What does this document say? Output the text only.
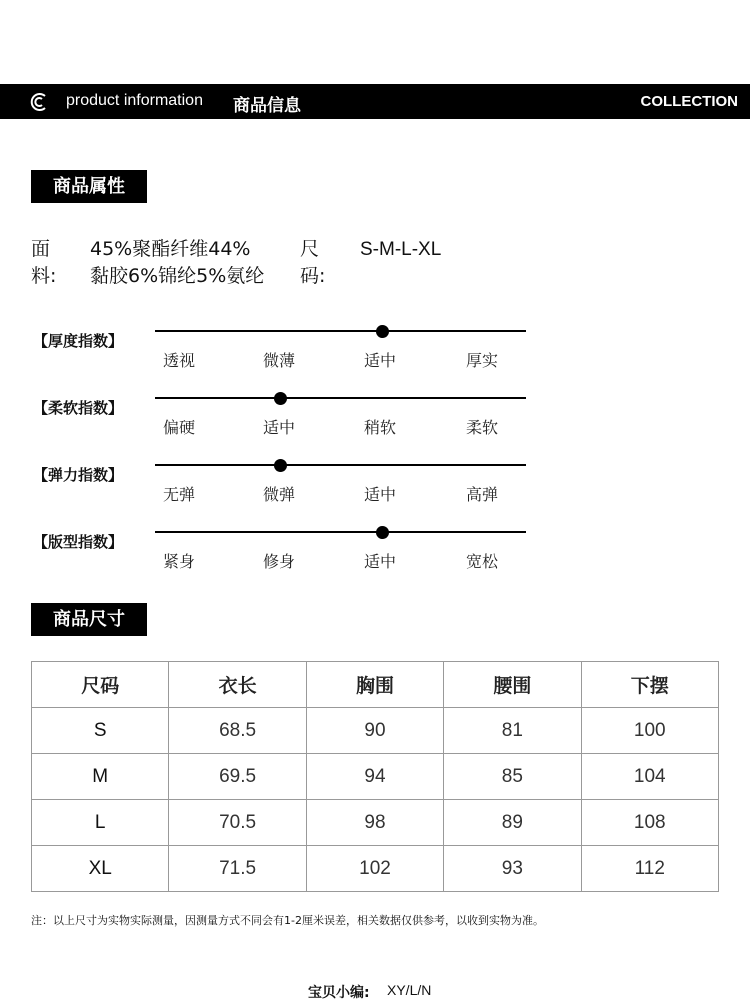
product information 商品信息	COLLECTION
商品属性
面
料:
45%聚酯纤维44%
黏胶6%锦纶5%氨纶
尺
码:
S-M-L-XL
【厚度指数】
透视	微薄	适中	厚实
【柔软指数】
偏硬	适中	稍软	柔软
【弹力指数】
无弹	微弹	适中	高弹
【版型指数】
紧身	修身	适中	宽松
商品尺寸
尺码	衣长	胸围	腰围	下摆
S	68.5	90	81	100
M	69.5	94	85	104
L	70.5	98	89	108
XL	71.5	102	93	112
注：以上尺寸为实物实际测量，因测量方式不同会有1-2厘米误差，相关数据仅供参考，以收到实物为准。
宝贝小编: XY/L/N
